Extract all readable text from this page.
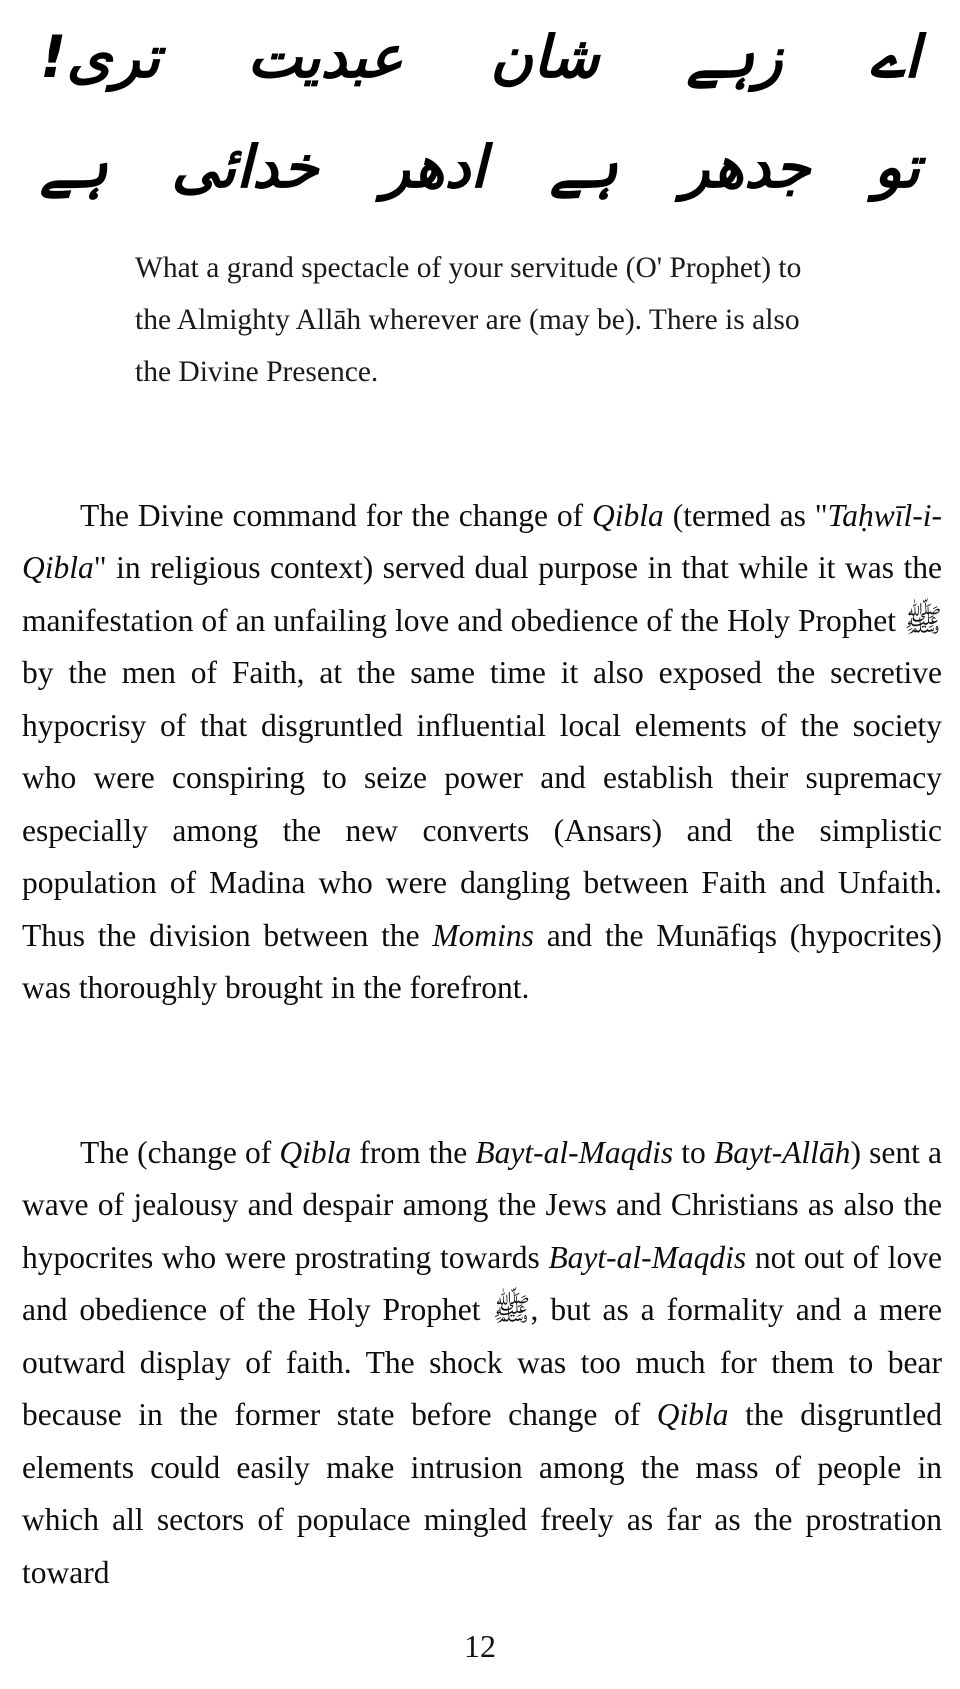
اے
زہے
شان
عبدیت
تری!
تو
جدھر
ہے
ادھر
خدائی
ہے
What a grand spectacle of your servitude (O' Prophet) to the Almighty Allāh wherever are (may be). There is also the Divine Presence.

The Divine command for the change of Qibla (termed as "Taḥwīl-i-Qibla" in religious context) served dual purpose in that while it was the manifestation of an unfailing love and obedience of the Holy Prophet ﷺ by the men of Faith, at the same time it also exposed the secretive hypocrisy of that disgruntled influential local elements of the society who were conspiring to seize power and establish their supremacy especially among the new converts (Ansars) and the simplistic population of Madina who were dangling between Faith and Unfaith. Thus the division between the Momins and the Munāfiqs (hypocrites) was thoroughly brought in the forefront.

The (change of Qibla from the Bayt-al-Maqdis to Bayt-Allāh) sent a wave of jealousy and despair among the Jews and Christians as also the hypocrites who were prostrating towards Bayt-al-Maqdis not out of love and obedience of the Holy Prophet ﷺ, but as a formality and a mere outward display of faith. The shock was too much for them to bear because in the former state before change of Qibla the disgruntled elements could easily make intrusion among the mass of people in which all sectors of populace mingled freely as far as the prostration toward

12
